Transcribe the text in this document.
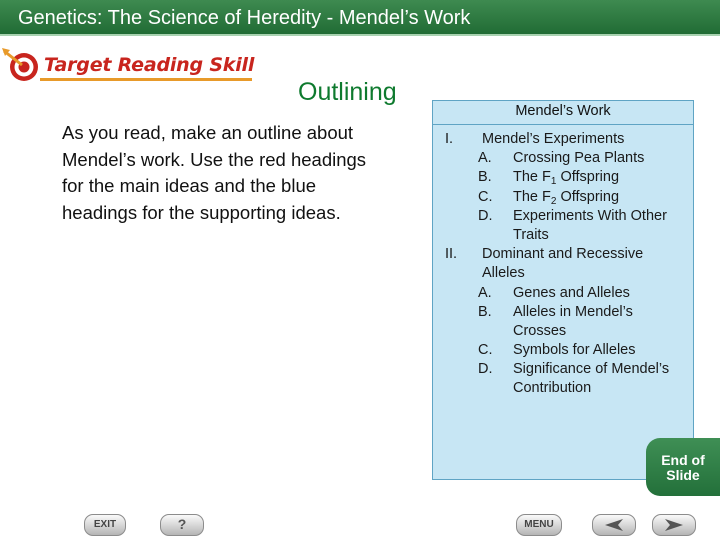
Genetics: The Science of Heredity - Mendel’s Work
Target Reading Skill
Outlining
As you read, make an outline about Mendel’s work. Use the red headings for the main ideas and the blue headings for the supporting ideas.
Mendel’s Work
I. Mendel’s Experiments
A. Crossing Pea Plants
B. The $F_1$ Offspring
C. The $F_2$ Offspring
D. Experiments With Other
Traits
II. Dominant and Recessive
Alleles
A. Genes and Alleles
B. Alleles in Mendel’s
Crosses
C. Symbols for Alleles
D. Significance of Mendel’s
Contribution
End of
Slide
EXIT	?	MENU
